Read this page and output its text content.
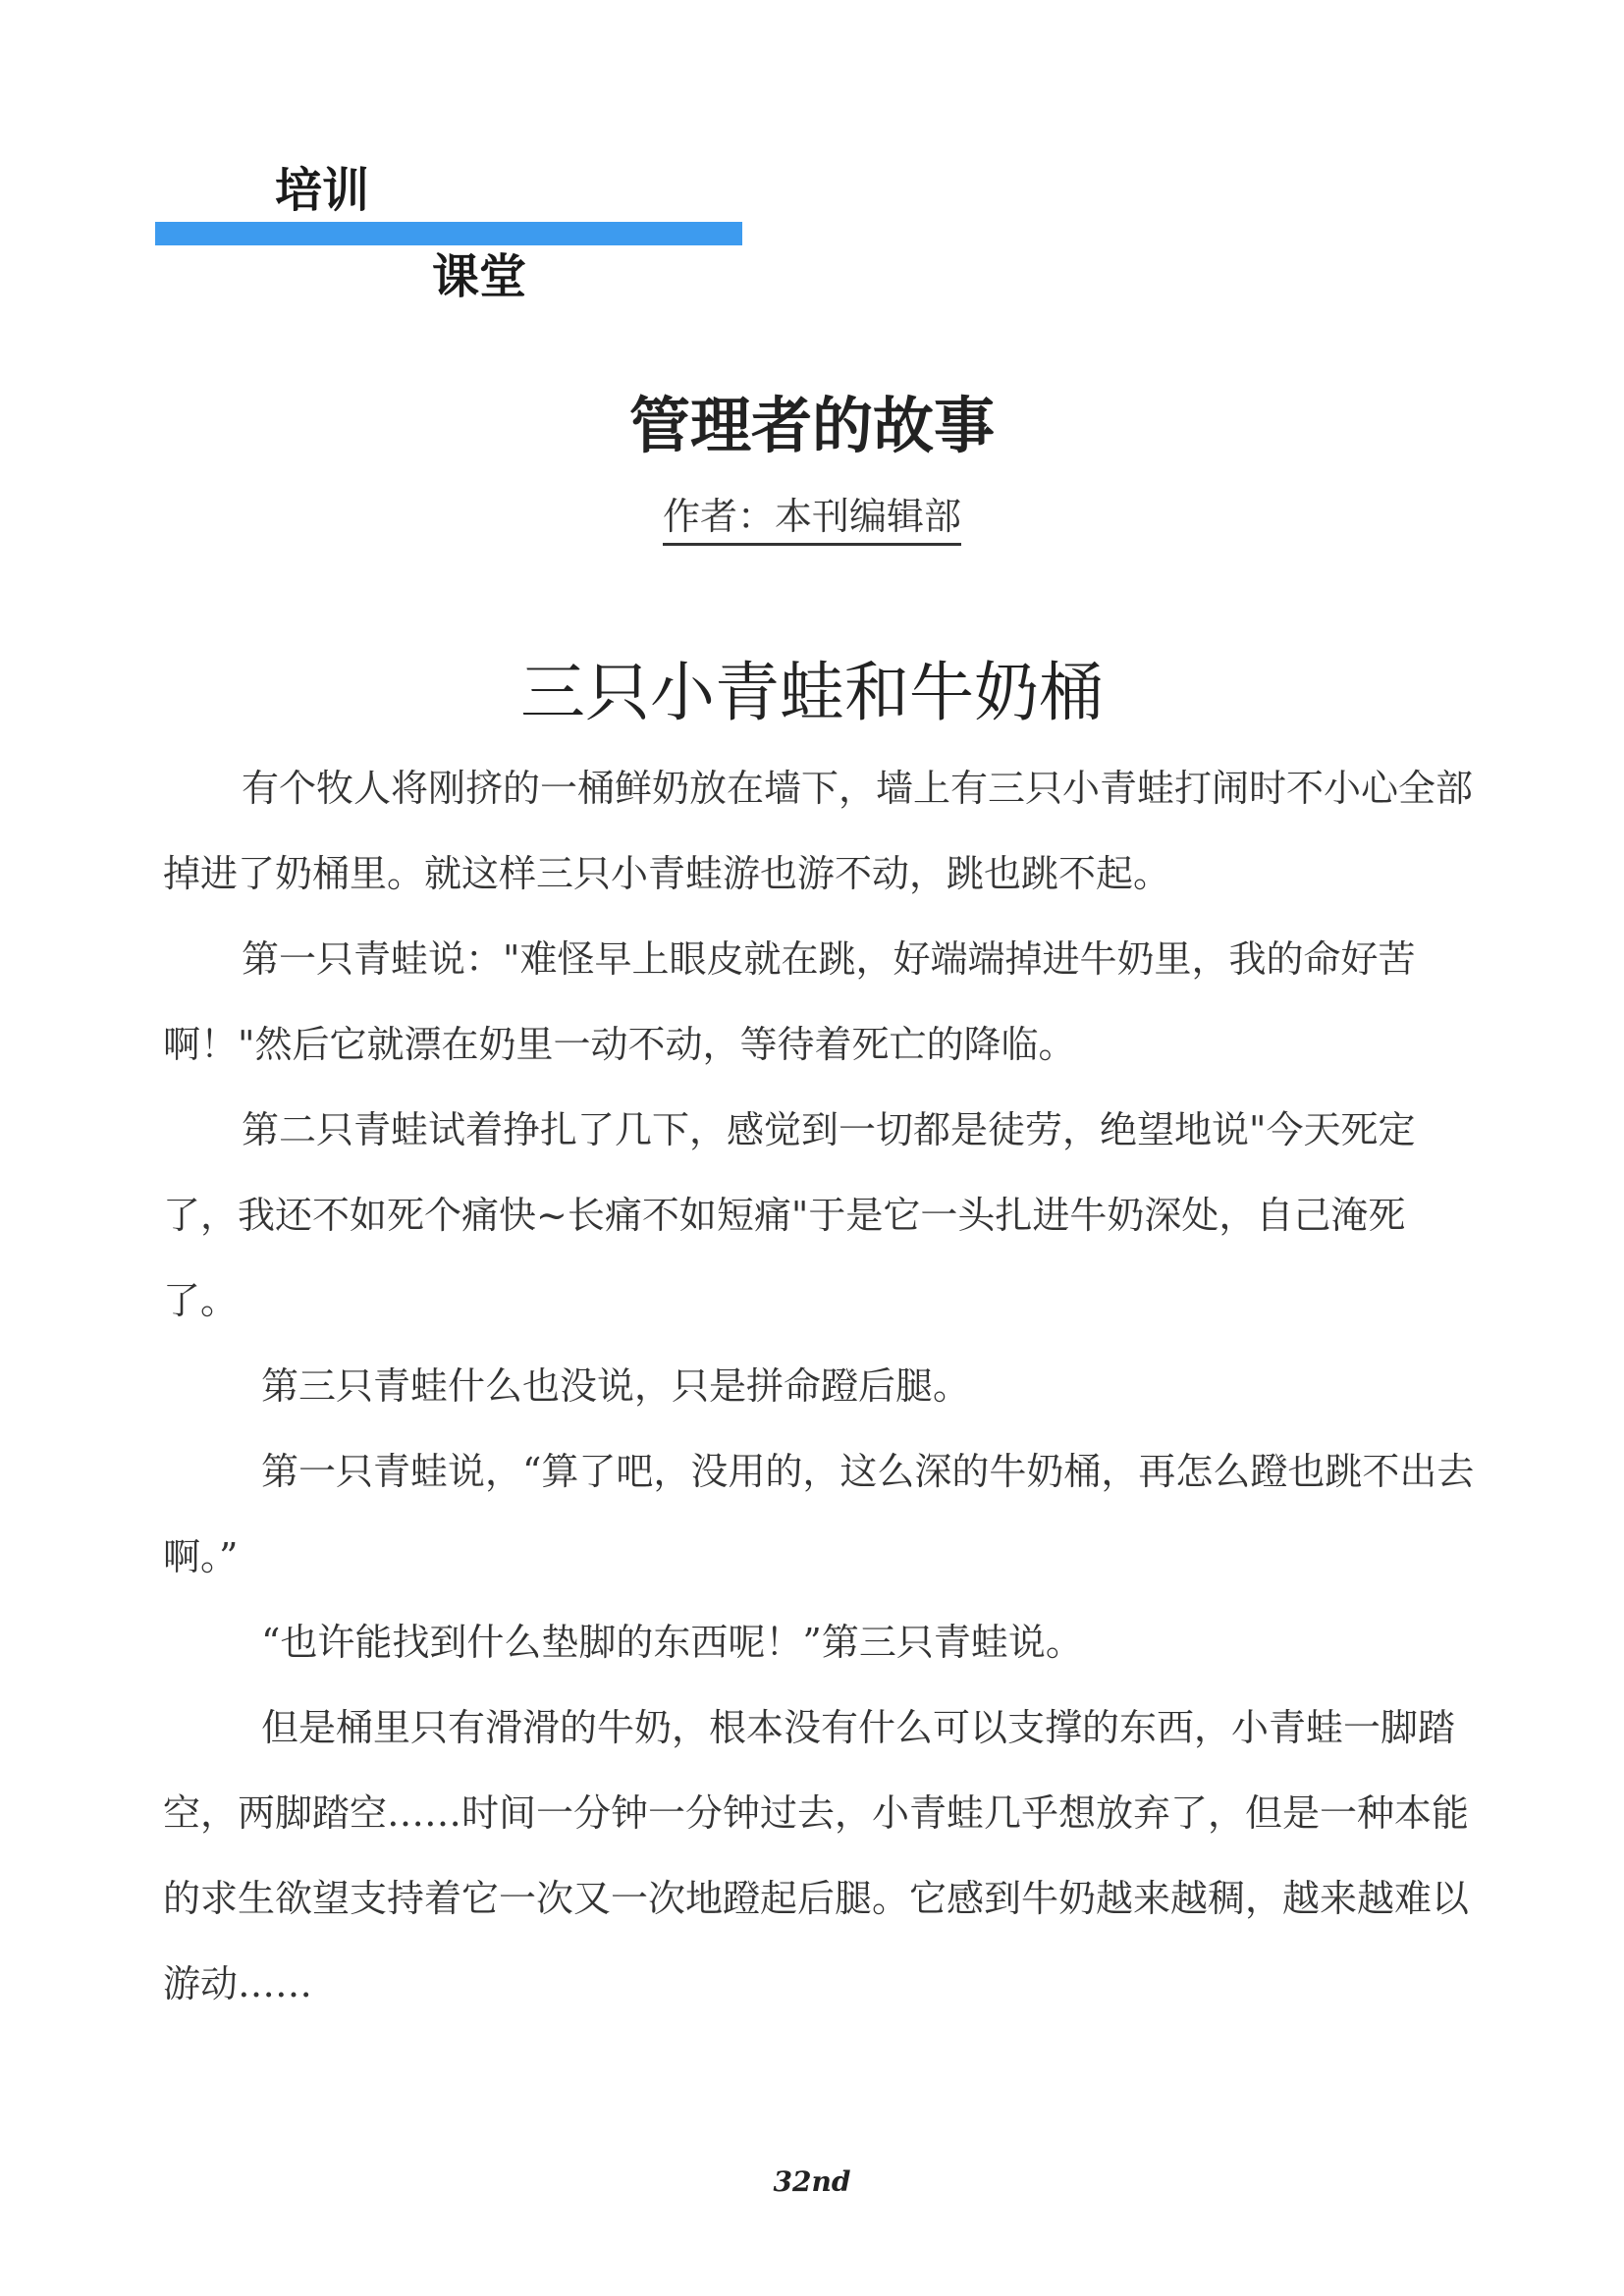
培训
课堂
管理者的故事
作者：本刊编辑部
三只小青蛙和牛奶桶

有个牧人将刚挤的一桶鲜奶放在墙下，墙上有三只小青蛙打闹时不小心全部掉进了奶桶里。就这样三只小青蛙游也游不动，跳也跳不起。

第一只青蛙说："难怪早上眼皮就在跳，好端端掉进牛奶里，我的命好苦啊！"然后它就漂在奶里一动不动，等待着死亡的降临。

第二只青蛙试着挣扎了几下，感觉到一切都是徒劳，绝望地说"今天死定了，我还不如死个痛快~长痛不如短痛"于是它一头扎进牛奶深处，自己淹死了。

第三只青蛙什么也没说，只是拼命蹬后腿。

第一只青蛙说，“算了吧，没用的，这么深的牛奶桶，再怎么蹬也跳不出去啊。”

“也许能找到什么垫脚的东西呢！”第三只青蛙说。

但是桶里只有滑滑的牛奶，根本没有什么可以支撑的东西，小青蛙一脚踏空，两脚踏空……时间一分钟一分钟过去，小青蛙几乎想放弃了，但是一种本能的求生欲望支持着它一次又一次地蹬起后腿。它感到牛奶越来越稠，越来越难以游动……

32nd
